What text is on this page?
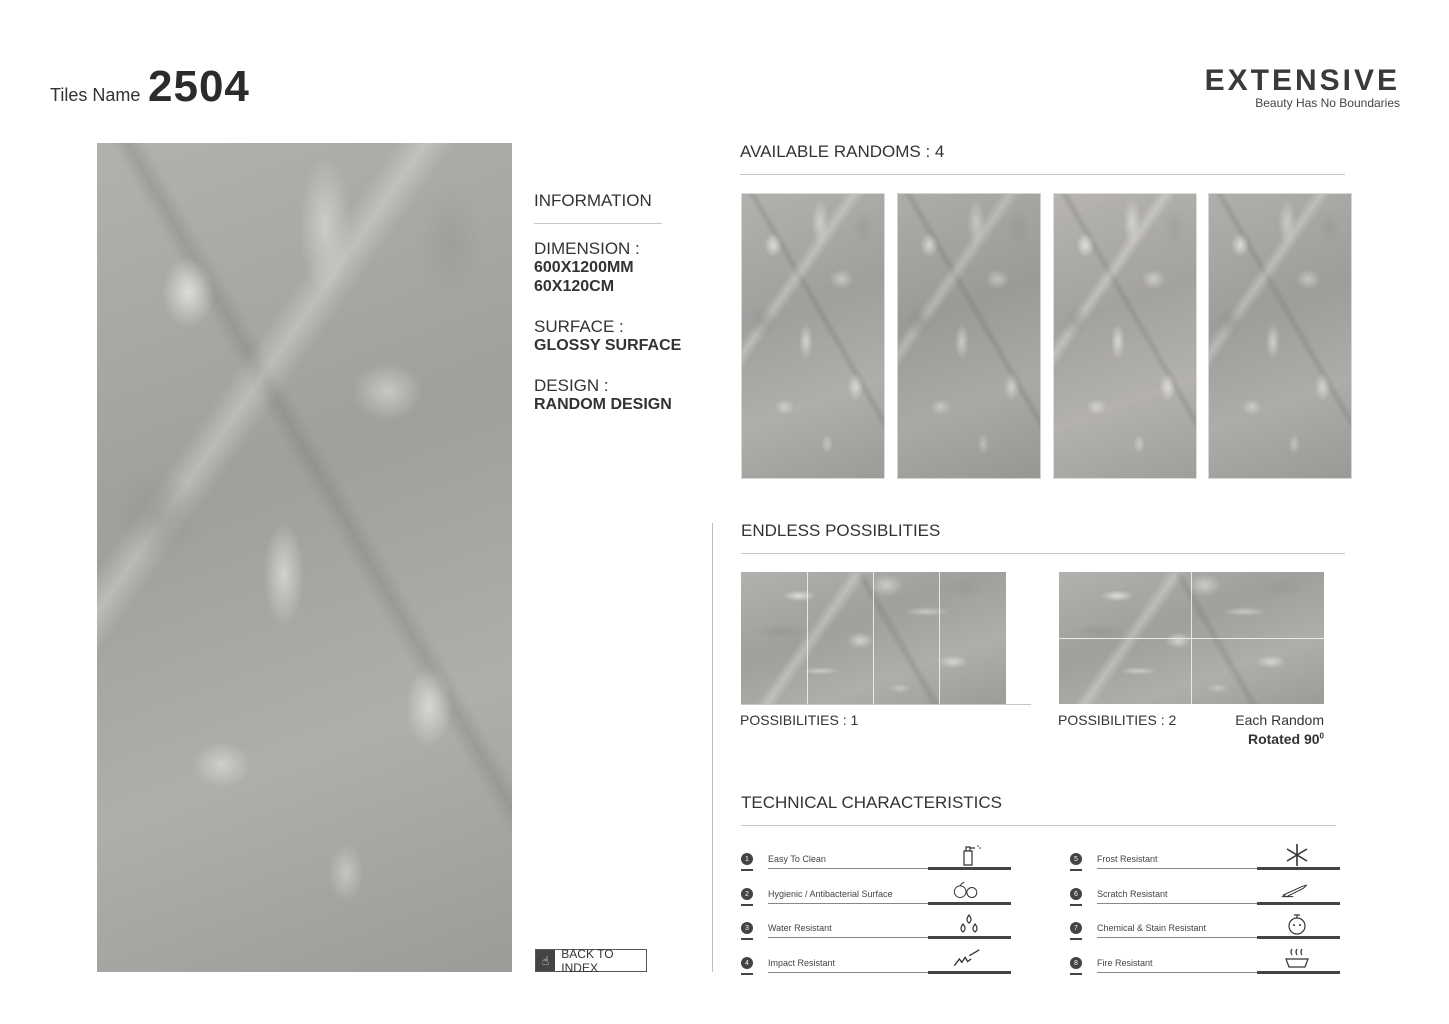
Tiles Name 2504	EXTENSIVE
Beauty Has No Boundaries
INFORMATION
DIMENSION :
600X1200MM
60X120CM
SURFACE :
GLOSSY SURFACE
DESIGN :
RANDOM DESIGN
☝ BACK TO INDEX
AVAILABLE RANDOMS : 4
ENDLESS POSSIBLITIES
POSSIBILITIES : 1	POSSIBILITIES : 2	Each Random
Rotated $90^0$
TECHNICAL CHARACTERISTICS
1	Easy To Clean
2	Hygienic / Antibacterial Surface
3	Water Resistant
4	Impact Resistant
5	Frost Resistant
6	Scratch Resistant
7	Chemical & Stain Resistant
8	Fire Resistant
